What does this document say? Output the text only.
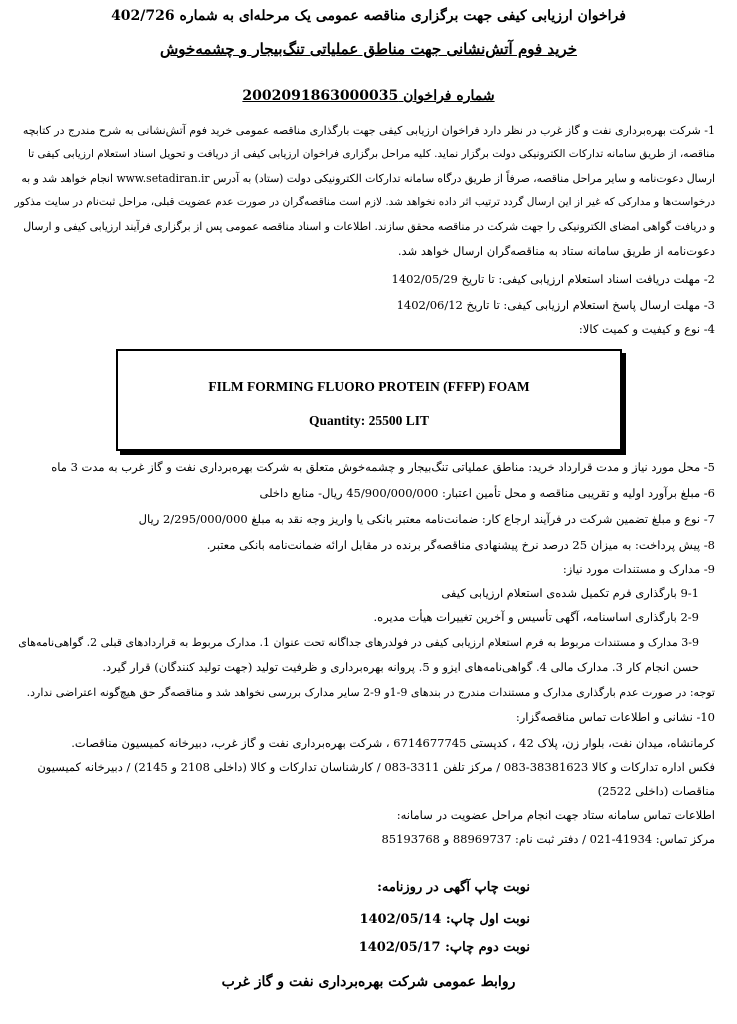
فراخوان ارزیابی کیفی جهت برگزاری مناقصه عمومی یک مرحله‌ای به شماره 402/726
خرید فوم آتش‌نشانی جهت مناطق عملیاتی تنگ‌بیجار و چشمه‌خوش
شماره فراخوان 2002091863000035
1- شرکت بهره‌برداری نفت و گاز غرب در نظر دارد فراخوان ارزیابی کیفی جهت بارگذاری مناقصه عمومی خرید فوم آتش‌نشانی به شرح مندرج در کتابچه
مناقصه، از طریق سامانه تدارکات الکترونیکی دولت برگزار نماید. کلیه مراحل برگزاری فراخوان ارزیابی کیفی از دریافت و تحویل اسناد استعلام ارزیابی کیفی تا
ارسال دعوت‌نامه و سایر مراحل مناقصه، صرفاً از طریق درگاه سامانه تدارکات الکترونیکی دولت (ستاد) به آدرس www.setadiran.ir انجام خواهد شد و به
درخواست‌ها و مدارکی که غیر از این ارسال گردد ترتیب اثر داده نخواهد شد. لازم است مناقصه‌گران در صورت عدم عضویت قبلی، مراحل ثبت‌نام در سایت مذکور
و دریافت گواهی امضای الکترونیکی را جهت شرکت در مناقصه محقق سازند. اطلاعات و اسناد مناقصه عمومی پس از برگزاری فرآیند ارزیابی کیفی و ارسال
دعوت‌نامه از طریق سامانه ستاد به مناقصه‌گران ارسال خواهد شد.
2- مهلت دریافت اسناد استعلام ارزیابی کیفی: تا تاریخ 1402/05/29
3- مهلت ارسال پاسخ استعلام ارزیابی کیفی: تا تاریخ 1402/06/12
4- نوع و کیفیت و کمیت کالا:
FILM FORMING FLUORO PROTEIN (FFFP) FOAM
Quantity: 25500 LIT
5- محل مورد نیاز و مدت قرارداد خرید: مناطق عملیاتی تنگ‌بیجار و چشمه‌خوش متعلق به شرکت بهره‌برداری نفت و گاز غرب به مدت 3 ماه
6- مبلغ برآورد اولیه و تقریبی مناقصه و محل تأمین اعتبار: 45/900/000/000 ریال- منابع داخلی
7- نوع و مبلغ تضمین شرکت در فرآیند ارجاع کار: ضمانت‌نامه معتبر بانکی یا واریز وجه نقد به مبلغ 2/295/000/000 ریال
8- پیش پرداخت: به میزان 25 درصد نرخ پیشنهادی مناقصه‌گر برنده در مقابل ارائه ضمانت‌نامه بانکی معتبر.
9- مدارک و مستندات مورد نیاز:
9-1 بارگذاری فرم تکمیل شده‌ی استعلام ارزیابی کیفی
2-9 بارگذاری اساسنامه، آگهی تأسیس و آخرین تغییرات هیأت مدیره.
3-9 مدارک و مستندات مربوط به فرم استعلام ارزیابی کیفی در فولدرهای جداگانه تحت عنوان 1. مدارک مربوط به قراردادهای قبلی 2. گواهی‌نامه‌های
حسن انجام کار 3. مدارک مالی 4. گواهی‌نامه‌های ایزو و 5. پروانه بهره‌برداری و ظرفیت تولید (جهت تولید کنندگان) قرار گیرد.
توجه: در صورت عدم بارگذاری مدارک و مستندات مندرج در بندهای 9-1و 9-2 سایر مدارک بررسی نخواهد شد و مناقصه‌گر حق هیچ‌گونه اعتراضی ندارد.
10- نشانی و اطلاعات تماس مناقصه‌گزار:
کرمانشاه، میدان نفت، بلوار زن، پلاک 42 ، کدپستی 6714677745 ، شرکت بهره‌برداری نفت و گاز غرب، دبیرخانه کمیسیون مناقصات.
فکس اداره تدارکات و کالا 38381623-083 / مرکز تلفن 3311-083 / کارشناسان تدارکات و کالا (داخلی 2108 و 2145) / دبیرخانه کمیسیون
مناقصات (داخلی 2522)
اطلاعات تماس سامانه ستاد جهت انجام مراحل عضویت در سامانه:
مرکز تماس: 41934-021 / دفتر ثبت نام: 88969737 و 85193768
نوبت چاپ آگهی در روزنامه:
نوبت اول چاپ: 1402/05/14
نوبت دوم چاپ: 1402/05/17
روابط عمومی شرکت بهره‌برداری نفت و گاز غرب
